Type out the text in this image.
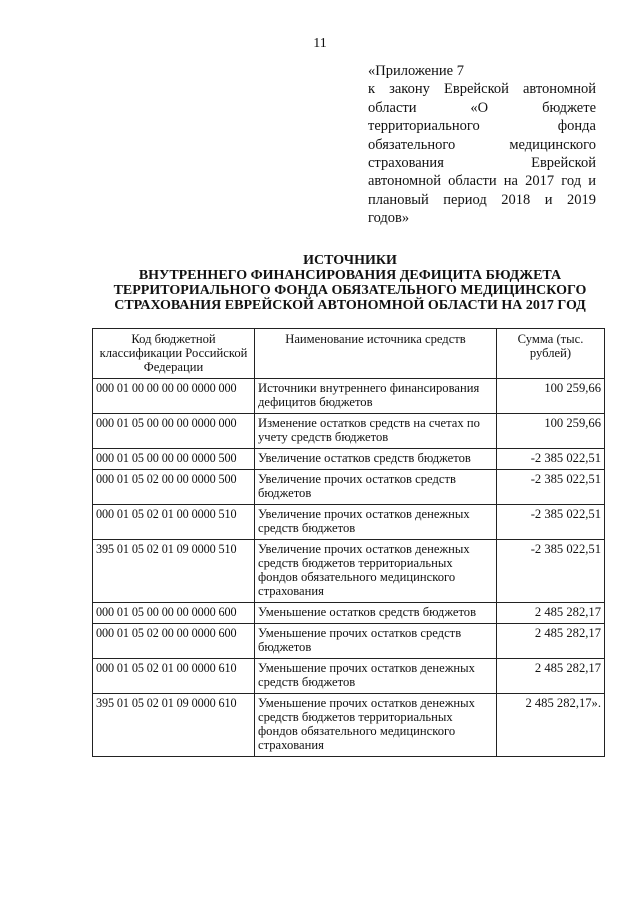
11
«Приложение 7
к закону Еврейской автономной
области «О бюджете
территориального фонда
обязательного медицинского
страхования Еврейской
автономной области на 2017 год и
плановый период 2018 и 2019
годов»
ИСТОЧНИКИ
ВНУТРЕННЕГО ФИНАНСИРОВАНИЯ ДЕФИЦИТА БЮДЖЕТА
ТЕРРИТОРИАЛЬНОГО ФОНДА ОБЯЗАТЕЛЬНОГО МЕДИЦИНСКОГО
СТРАХОВАНИЯ ЕВРЕЙСКОЙ АВТОНОМНОЙ ОБЛАСТИ НА 2017 ГОД
Код бюджетной классификации Российской Федерации	Наименование источника средств	Сумма (тыс. рублей)
000 01 00 00 00 00 0000 000	Источники внутреннего финансирования дефицитов бюджетов	100 259,66
000 01 05 00 00 00 0000 000	Изменение остатков средств на счетах по учету средств бюджетов	100 259,66
000 01 05 00 00 00 0000 500	Увеличение остатков средств бюджетов	-2 385 022,51
000 01 05 02 00 00 0000 500	Увеличение прочих остатков средств бюджетов	-2 385 022,51
000 01 05 02 01 00 0000 510	Увеличение прочих остатков денежных средств бюджетов	-2 385 022,51
395 01 05 02 01 09 0000 510	Увеличение прочих остатков денежных средств бюджетов территориальных фондов обязательного медицинского страхования	-2 385 022,51
000 01 05 00 00 00 0000 600	Уменьшение остатков средств бюджетов	2 485 282,17
000 01 05 02 00 00 0000 600	Уменьшение прочих остатков средств бюджетов	2 485 282,17
000 01 05 02 01 00 0000 610	Уменьшение прочих остатков денежных средств бюджетов	2 485 282,17
395 01 05 02 01 09 0000 610	Уменьшение прочих остатков денежных средств бюджетов территориальных фондов обязательного медицинского страхования	2 485 282,17».
